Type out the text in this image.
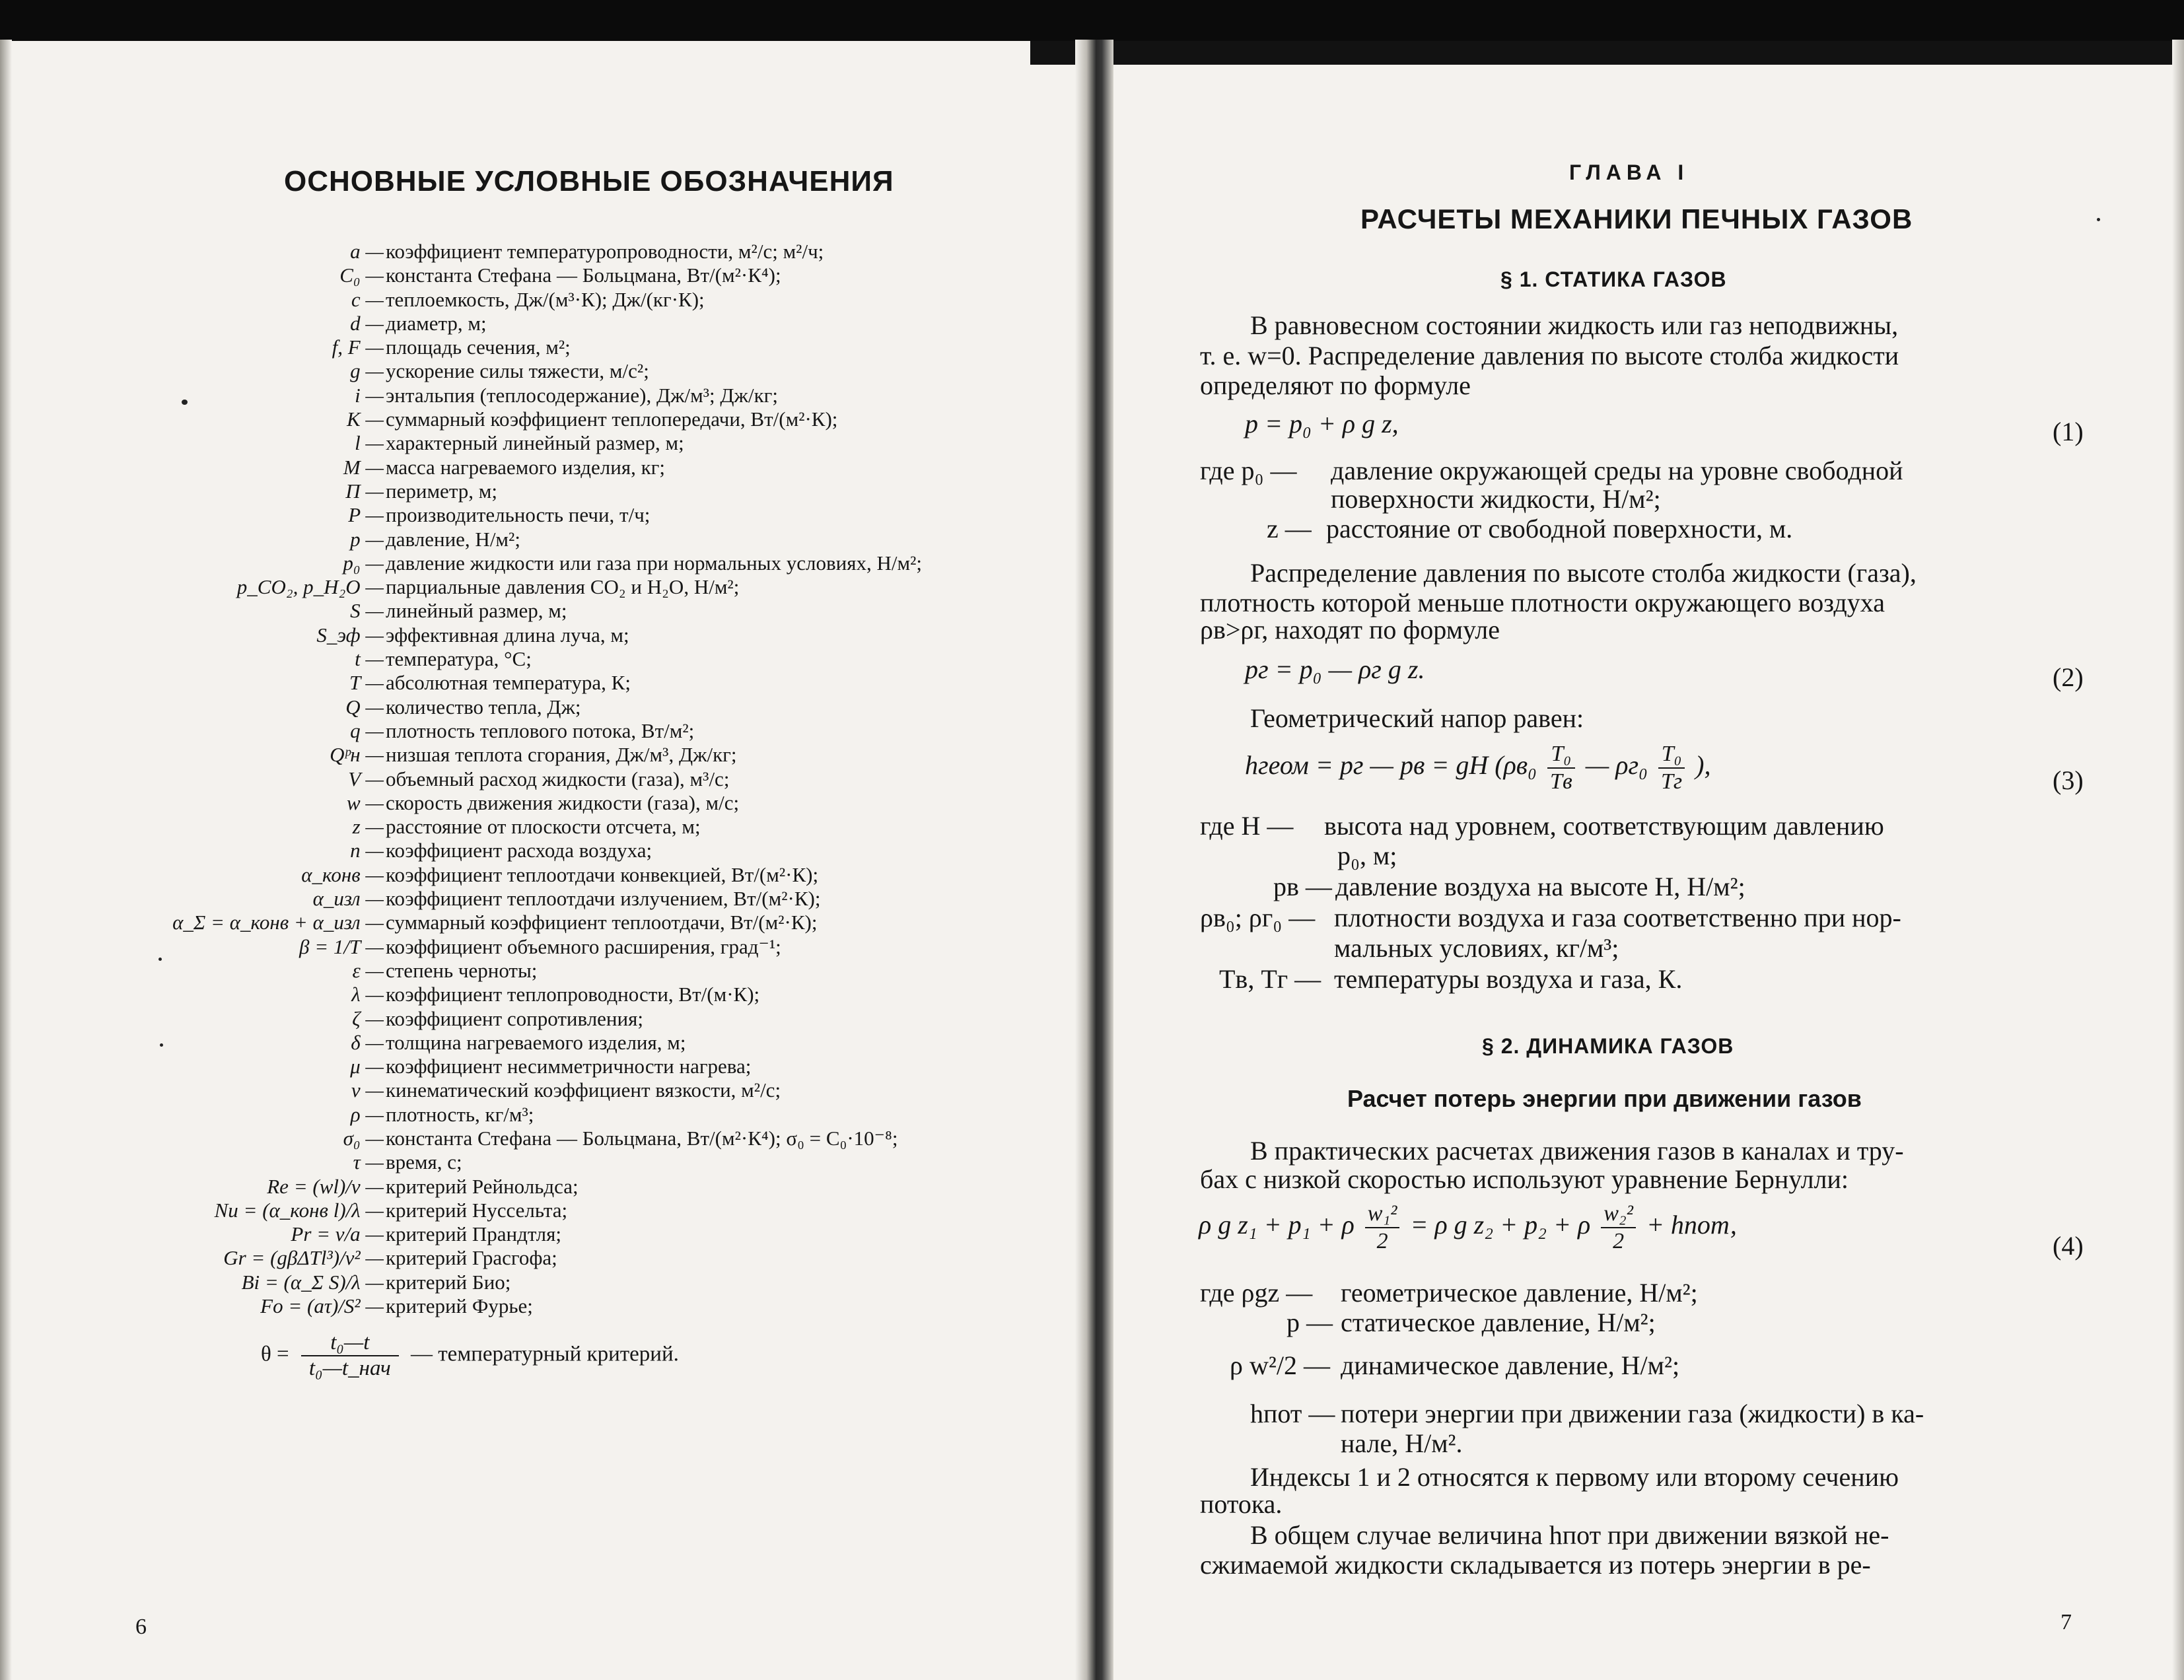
ОСНОВНЫЕ УСЛОВНЫЕ ОБОЗНАЧЕНИЯ
a — коэффициент температуропроводности, м²/с; м²/ч;
C₀ — константа Стефана — Больцмана, Вт/(м²·К⁴);
c — теплоемкость, Дж/(м³·К); Дж/(кг·К);
d — диаметр, м;
f, F — площадь сечения, м²;
g — ускорение силы тяжести, м/с²;
i — энтальпия (теплосодержание), Дж/м³; Дж/кг;
K — суммарный коэффициент теплопередачи, Вт/(м²·К);
l — характерный линейный размер, м;
M — масса нагреваемого изделия, кг;
П — периметр, м;
P — производительность печи, т/ч;
p — давление, Н/м²;
p₀ — давление жидкости или газа при нормальных условиях, Н/м²;
p_CO₂, p_H₂O — парциальные давления CO₂ и H₂O, Н/м²;
S — линейный размер, м;
S_эф — эффективная длина луча, м;
t — температура, °С;
T — абсолютная температура, К;
Q — количество тепла, Дж;
q — плотность теплового потока, Вт/м²;
Qᵖн — низшая теплота сгорания, Дж/м³, Дж/кг;
V — объемный расход жидкости (газа), м³/с;
w — скорость движения жидкости (газа), м/с;
z — расстояние от плоскости отсчета, м;
n — коэффициент расхода воздуха;
α_конв — коэффициент теплоотдачи конвекцией, Вт/(м²·К);
α_изл — коэффициент теплоотдачи излучением, Вт/(м²·К);
α_Σ = α_конв + α_изл — суммарный коэффициент теплоотдачи, Вт/(м²·К);
β = 1/T — коэффициент объемного расширения, град⁻¹;
ε — степень черноты;
λ — коэффициент теплопроводности, Вт/(м·К);
ζ — коэффициент сопротивления;
δ — толщина нагреваемого изделия, м;
μ — коэффициент несимметричности нагрева;
ν — кинематический коэффициент вязкости, м²/с;
ρ — плотность, кг/м³;
σ₀ — константа Стефана — Больцмана, Вт/(м²·К⁴); σ₀ = C₀·10⁻⁸;
τ — время, с;
Re = (wl)/ν — критерий Рейнольдса;
Nu = (α_конв l)/λ — критерий Нуссельта;
Pr = ν/a — критерий Прандтля;
Gr = (gβΔTl³)/ν² — критерий Грасгофа;
Bi = (α_Σ S)/λ — критерий Био;
Fo = (aτ)/S² — критерий Фурье;
$\theta = \frac{\text{t₀—t}}{\text{t₀—t\_нач}}$ — температурный критерий.
6
ГЛАВА I
РАСЧЕТЫ МЕХАНИКИ ПЕЧНЫХ ГАЗОВ
§ 1. СТАТИКА ГАЗОВ
В равновесном состоянии жидкость или газ неподвижны,
т. е. w=0. Распределение давления по высоте столба жидкости
определяют по формуле
p = p₀ + ρ g z,	(1)
где p₀ — давление окружающей среды на уровне свободной
поверхности жидкости, Н/м²;
z — расстояние от свободной поверхности, м.
Распределение давления по высоте столба жидкости (газа),
плотность которой меньше плотности окружающего воздуха
ρв>ρг, находят по формуле
pг = p₀ — ρг g z.	(2)
Геометрический напор равен:
hгеом = pг — pв = gH (ρв₀ T₀
Tв
— ρг₀ T₀
Tг
),
(3)
где H — высота над уровнем, соответствующим давлению
p₀, м;
pв — давление воздуха на высоте H, Н/м²;
ρв₀; ρг₀ — плотности воздуха и газа соответственно при нор-
мальных условиях, кг/м³;
Tв, Tг — температуры воздуха и газа, К.
§ 2. ДИНАМИКА ГАЗОВ
Расчет потерь энергии при движении газов
В практических расчетах движения газов в каналах и тру-
бах с низкой скоростью используют уравнение Бернулли:
ρ g z₁ + p₁ + ρ $\frac{\text{w₁²}}{2} = \rho$ g z₂ + p₂ + ρ $\frac{\text{w₂²}}{2}$ + hпот,
(4)
где ρgz — геометрическое давление, Н/м²;
p — статическое давление, Н/м²;
ρ w²/2 — динамическое давление, Н/м²;
hпот — потери энергии при движении газа (жидкости) в ка-
нале, Н/м².
Индексы 1 и 2 относятся к первому или второму сечению
потока.
В общем случае величина hпот при движении вязкой не-
сжимаемой жидкости складывается из потерь энергии в ре-
7
